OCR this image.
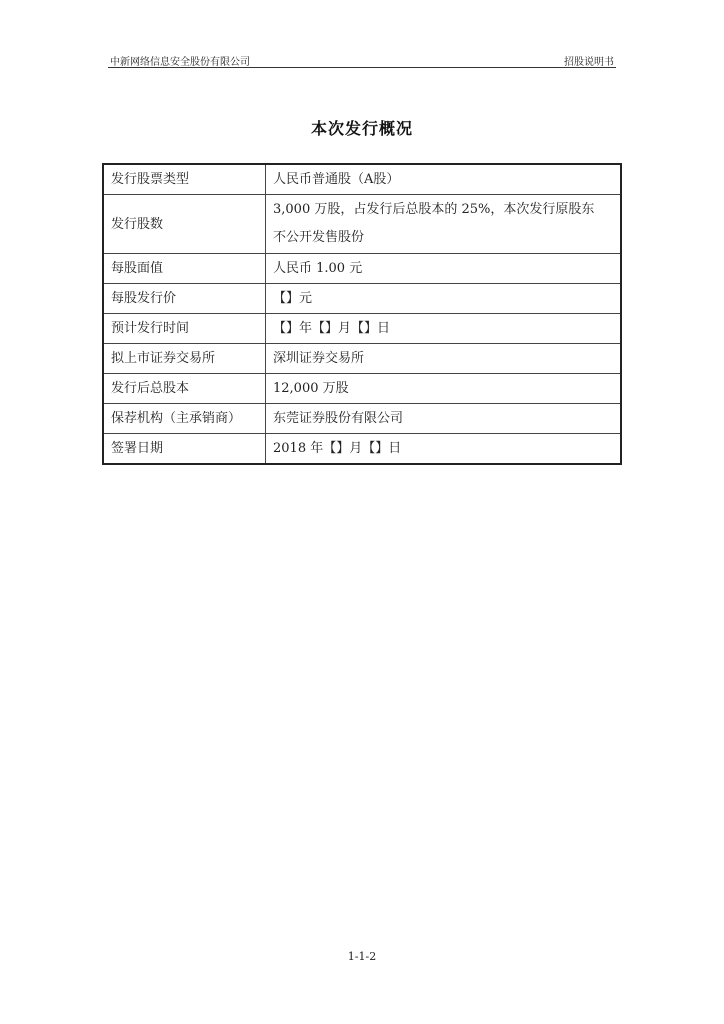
中新网络信息安全股份有限公司	招股说明书
本次发行概况
发行股票类型	人民币普通股（A股）
发行股数	3,000 万股，占发行后总股本的 25%，本次发行原股东
不公开发售股份

每股面值	人民币 1.00 元
每股发行价	【】元
预计发行时间	【】年【】月【】日
拟上市证券交易所	深圳证券交易所
发行后总股本	12,000 万股
保荐机构（主承销商）	东莞证券股份有限公司
签署日期	2018 年【】月【】日
1-1-2
